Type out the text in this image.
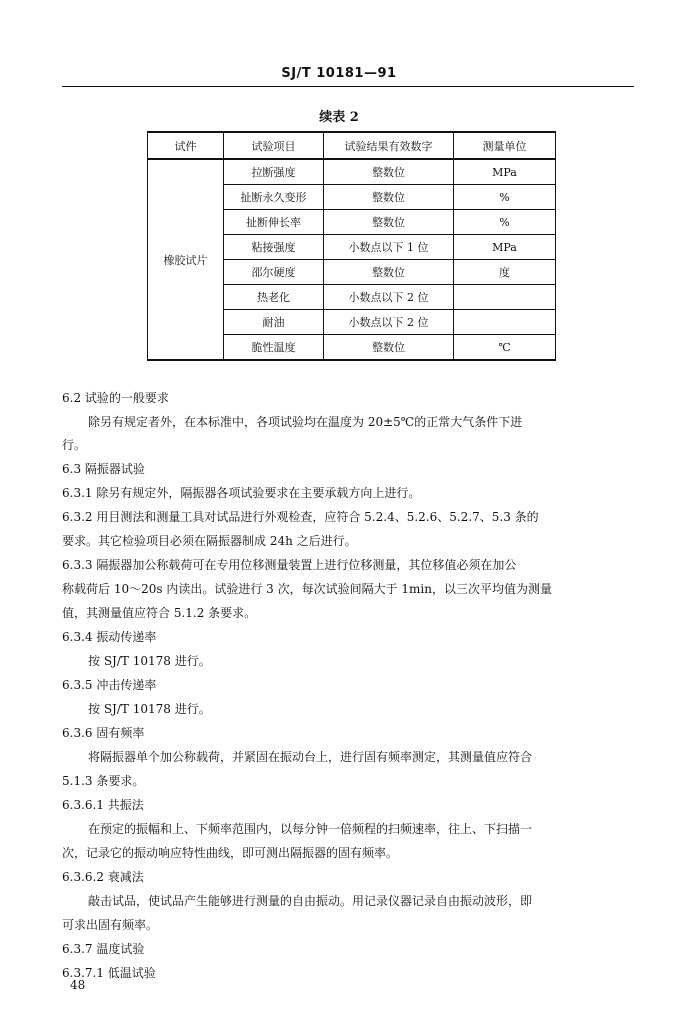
SJ/T 10181—91
续表 2
试件	试验项目	试验结果有效数字	测量单位
橡胶试片	拉断强度	整数位	MPa
	扯断永久变形	整数位	%
	扯断伸长率	整数位	%
	粘接强度	小数点以下 1 位	MPa
	邵尔硬度	整数位	度
	热老化	小数点以下 2 位	
	耐油	小数点以下 2 位	
	脆性温度	整数位	℃
6.2 试验的一般要求
除另有规定者外，在本标准中，各项试验均在温度为 20±5℃的正常大气条件下进
行。
6.3 隔振器试验
6.3.1 除另有规定外，隔振器各项试验要求在主要承载方向上进行。
6.3.2 用目测法和测量工具对试品进行外观检查，应符合 5.2.4、5.2.6、5.2.7、5.3 条的
要求。其它检验项目必须在隔振器制成 24h 之后进行。
6.3.3 隔振器加公称载荷可在专用位移测量装置上进行位移测量，其位移值必须在加公
称载荷后 10～20s 内读出。试验进行 3 次，每次试验间隔大于 1min，以三次平均值为测量
值，其测量值应符合 5.1.2 条要求。
6.3.4 振动传递率
按 SJ/T 10178 进行。
6.3.5 冲击传递率
按 SJ/T 10178 进行。
6.3.6 固有频率
将隔振器单个加公称载荷，并紧固在振动台上，进行固有频率测定，其测量值应符合
5.1.3 条要求。
6.3.6.1 共振法
在预定的振幅和上、下频率范围内，以每分钟一倍频程的扫频速率，往上、下扫描一
次，记录它的振动响应特性曲线，即可测出隔振器的固有频率。
6.3.6.2 衰减法
敲击试品，使试品产生能够进行测量的自由振动。用记录仪器记录自由振动波形，即
可求出固有频率。
6.3.7 温度试验
6.3.7.1 低温试验
48
